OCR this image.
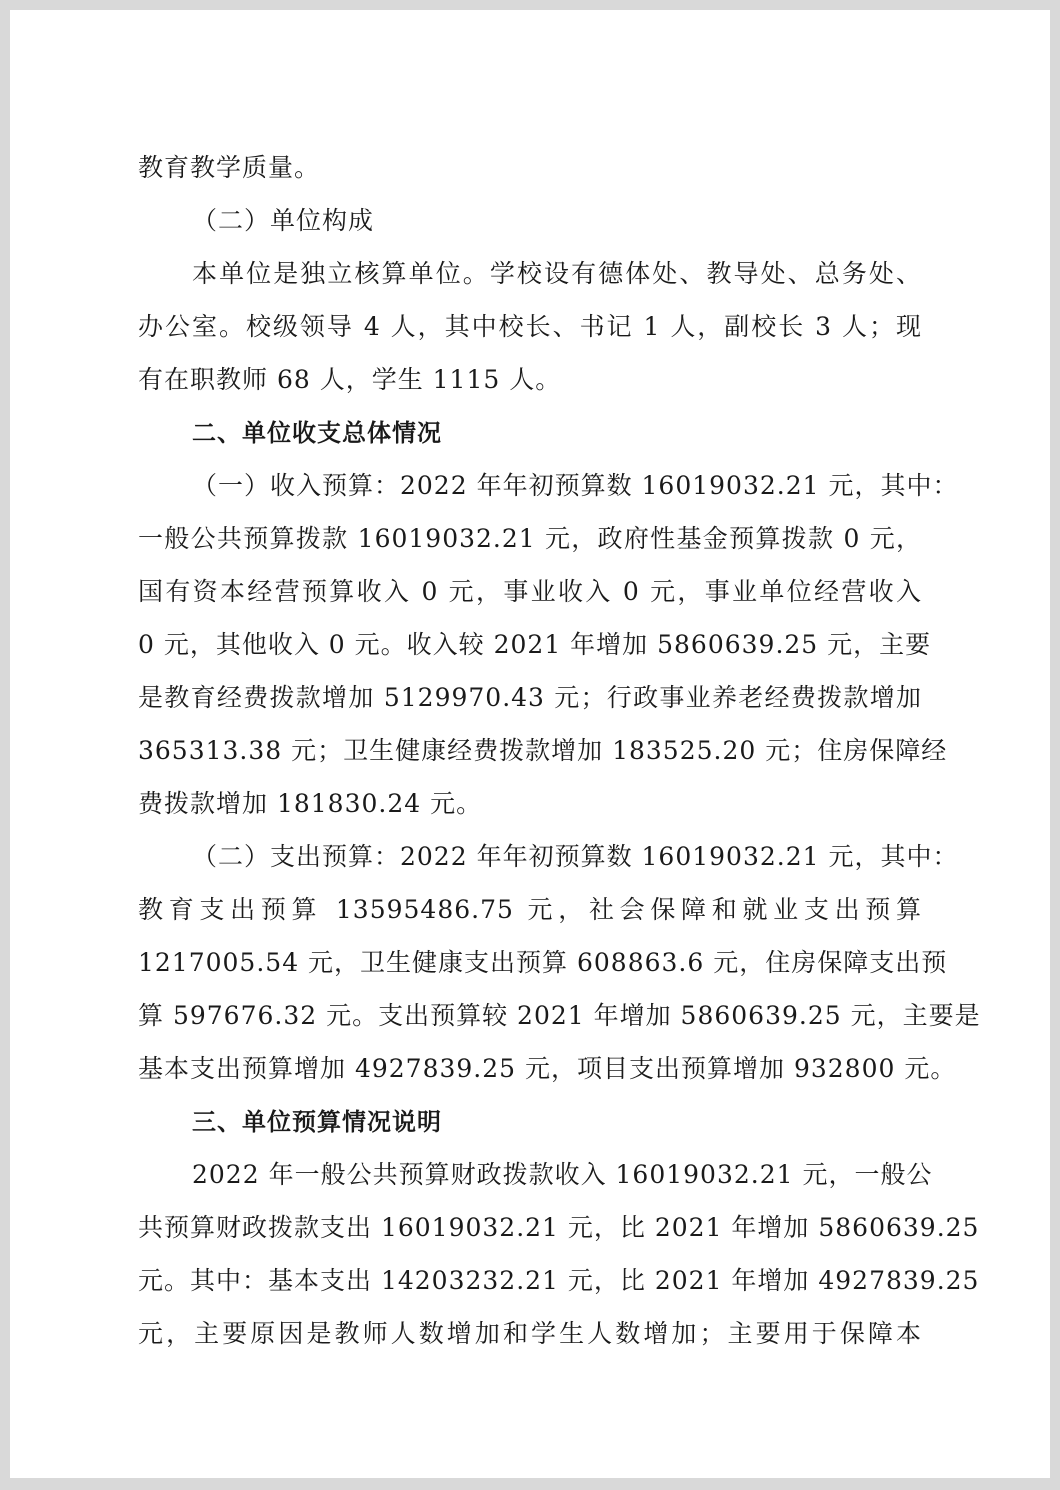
教育教学质量。
（二）单位构成
本单位是独立核算单位。学校设有德体处、教导处、总务处、
办公室。校级领导 4 人，其中校长、书记 1 人，副校长 3 人；现
有在职教师 68 人，学生 1115 人。
二、单位收支总体情况
（一）收入预算：2022 年年初预算数 16019032.21 元，其中：
一般公共预算拨款 16019032.21 元，政府性基金预算拨款 0 元，
国有资本经营预算收入 0 元，事业收入 0 元，事业单位经营收入
0 元，其他收入 0 元。收入较 2021 年增加 5860639.25 元，主要
是教育经费拨款增加 5129970.43 元；行政事业养老经费拨款增加
365313.38 元；卫生健康经费拨款增加 183525.20 元；住房保障经
费拨款增加 181830.24 元。
（二）支出预算：2022 年年初预算数 16019032.21 元，其中：
教育支出预算 13595486.75 元，社会保障和就业支出预算
1217005.54 元，卫生健康支出预算 608863.6 元，住房保障支出预
算 597676.32 元。支出预算较 2021 年增加 5860639.25 元，主要是
基本支出预算增加 4927839.25 元，项目支出预算增加 932800 元。
三、单位预算情况说明
2022 年一般公共预算财政拨款收入 16019032.21 元，一般公
共预算财政拨款支出 16019032.21 元，比 2021 年增加 5860639.25
元。其中：基本支出 14203232.21 元，比 2021 年增加 4927839.25
元，主要原因是教师人数增加和学生人数增加；主要用于保障本
